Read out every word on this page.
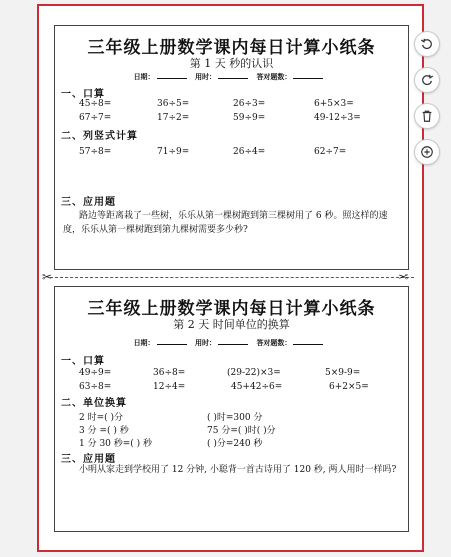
三年级上册数学课内每日计算小纸条
第 1 天 秒的认识
日期：	用时：	答对题数：
一、口算
45÷8=	36÷5=	26÷3=	6+5×3=
67÷7=	17÷2=	59÷9=	49-12÷3=
二、列竖式计算
57÷8=	71÷9=	26÷4=	62÷7=
三、应用题
路边等距离栽了一些树，乐乐从第一棵树跑到第三棵树用了 6 秒。照这样的速度，乐乐从第一棵树跑到第九棵树需要多少秒?
✂	✂
三年级上册数学课内每日计算小纸条
第 2 天 时间单位的换算
日期：	用时：	答对题数：
一、口算
49÷9=	36÷8=	(29-22)×3=	5×9-9=
63÷8=	12÷4=	45+42÷6=	6+2×5=
二、单位换算
2 时=( )分	( )时=300 分
3 分 =( ) 秒	75 分=( )时( )分
1 分 30 秒=( ) 秒	( )分=240 秒
三、应用题
小明从家走到学校用了 12 分钟, 小聪背一首古诗用了 120 秒, 两人用时一样吗?
